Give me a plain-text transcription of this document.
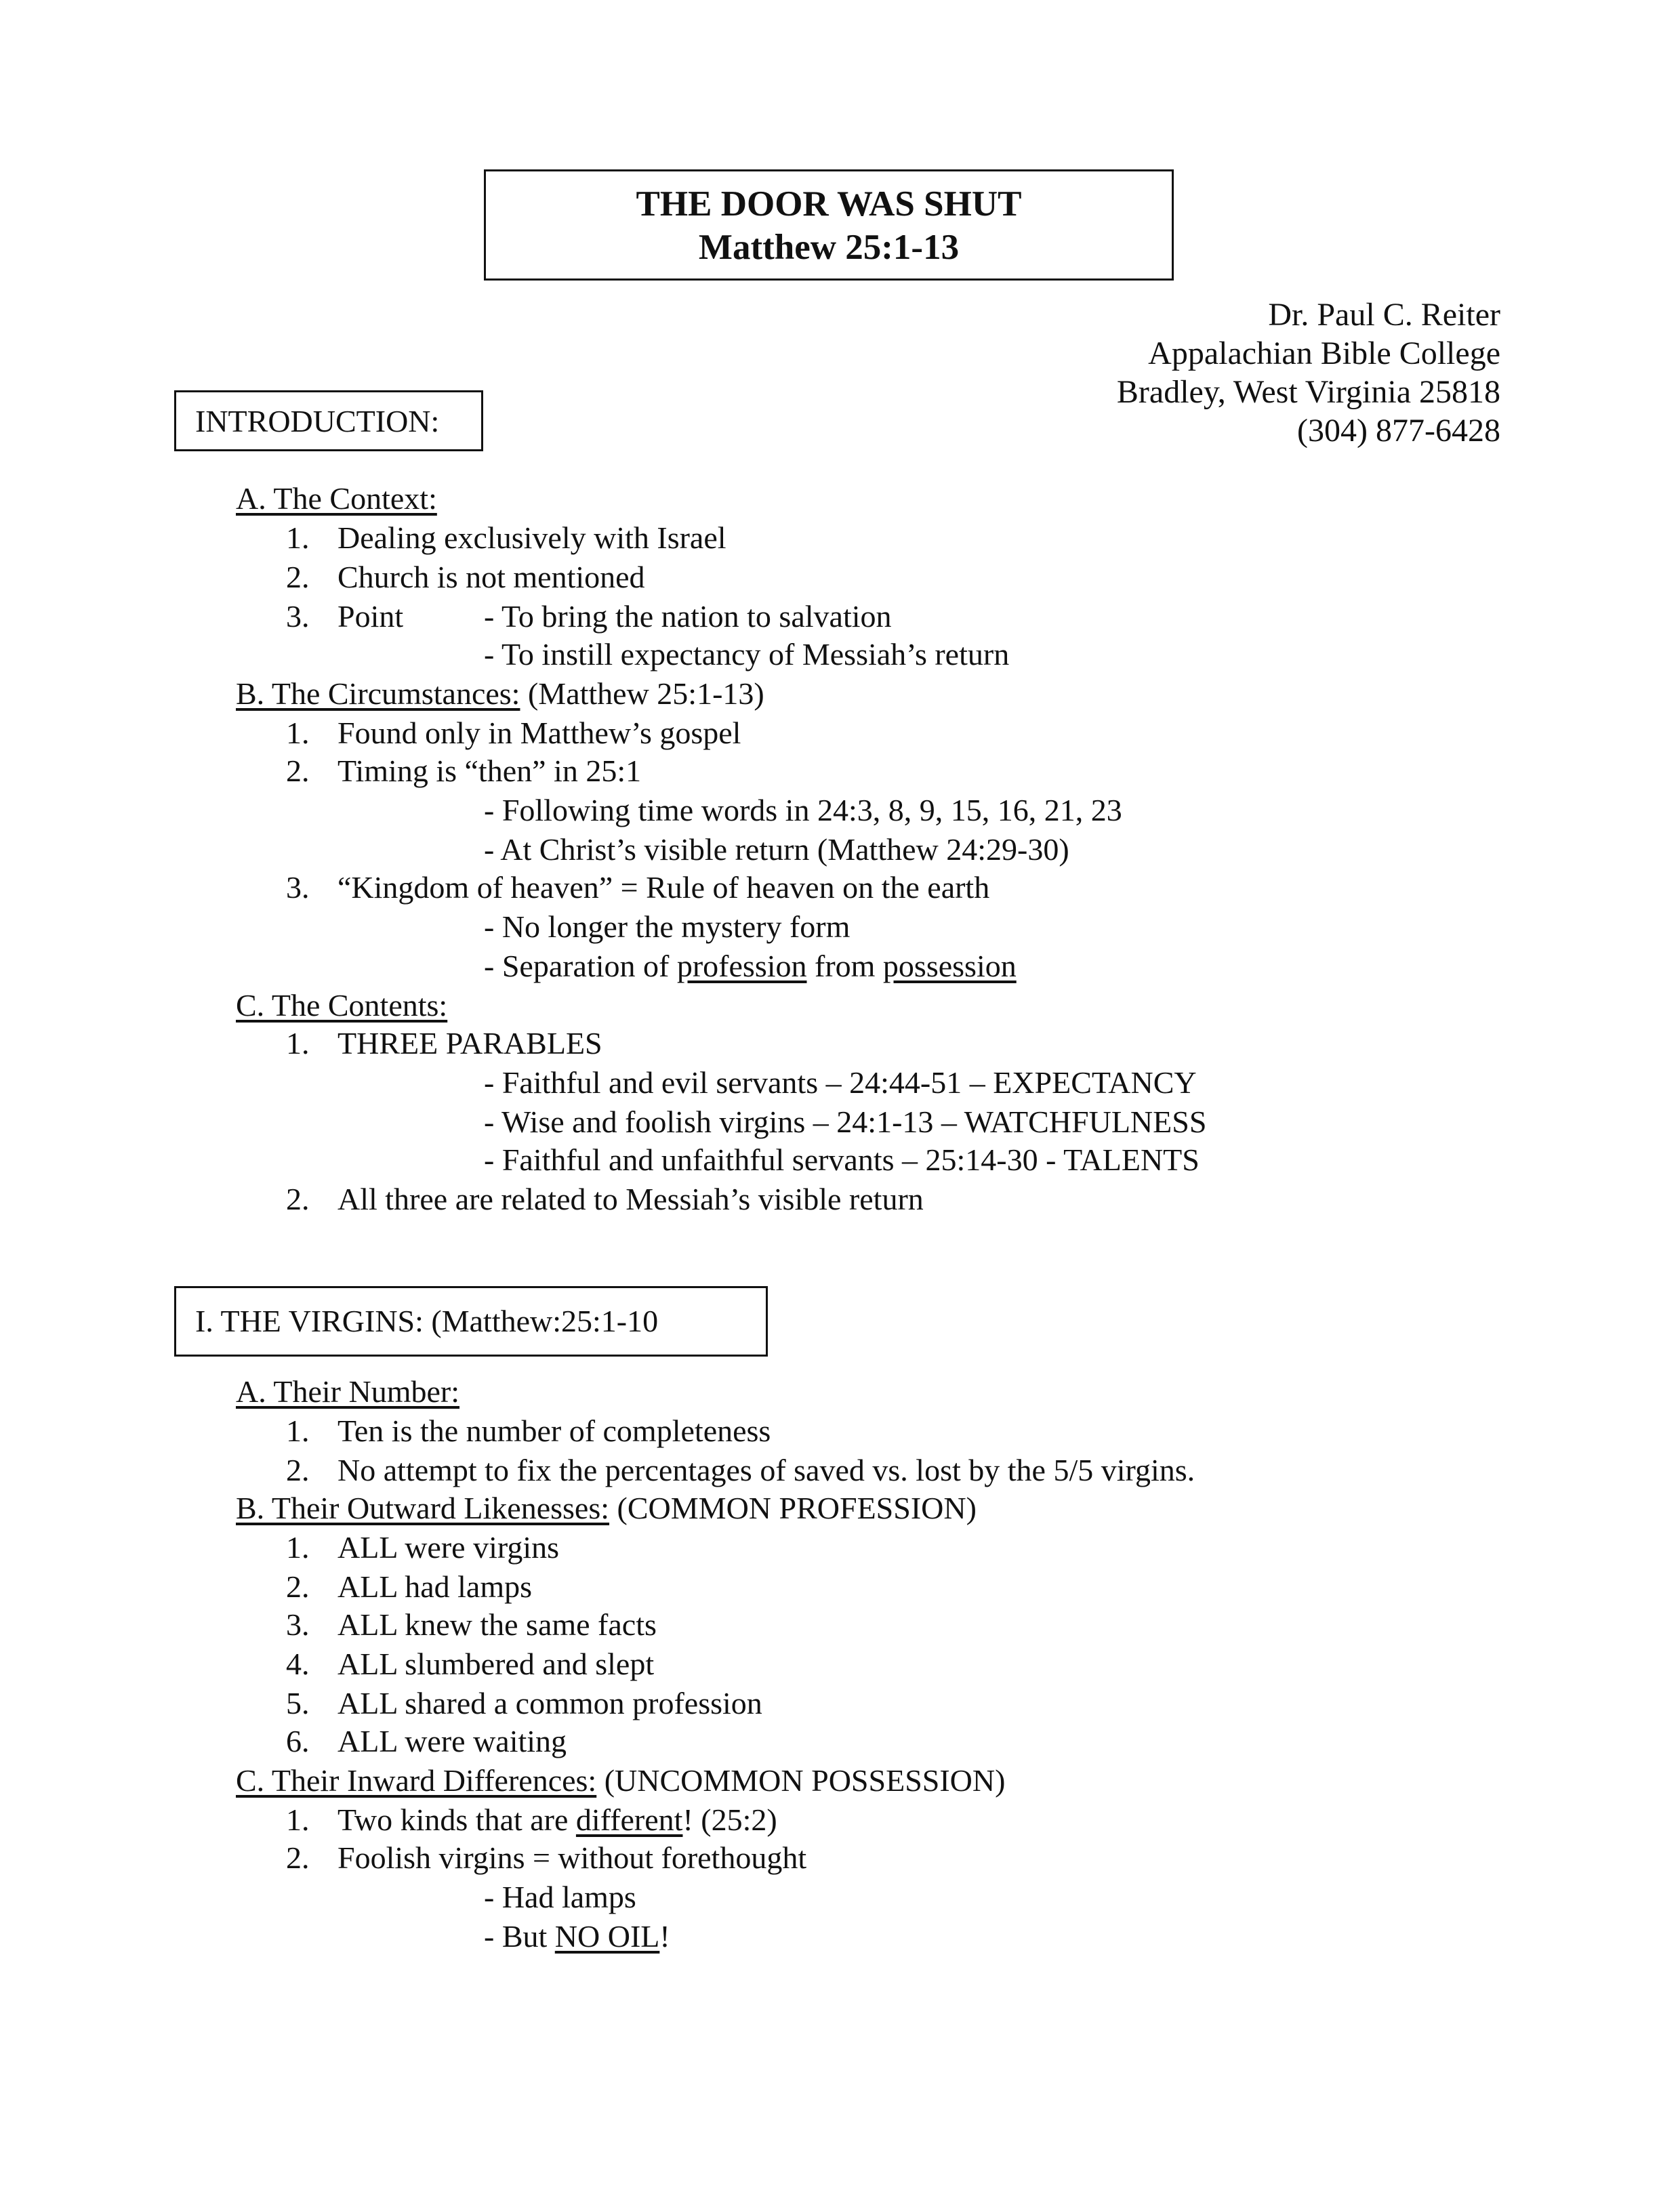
THE DOOR WAS SHUT
Matthew 25:1-13
Dr. Paul C. Reiter
Appalachian Bible College
Bradley, West Virginia 25818
(304) 877-6428
INTRODUCTION:
A. The Context:
1. Dealing exclusively with Israel
2. Church is not mentioned
3. Point	- To bring the nation to salvation
- To instill expectancy of Messiah’s return
B. The Circumstances: (Matthew 25:1-13)
1. Found only in Matthew’s gospel
2. Timing is “then” in 25:1
- Following time words in 24:3, 8, 9, 15, 16, 21, 23
- At Christ’s visible return (Matthew 24:29-30)
3. “Kingdom of heaven” = Rule of heaven on the earth
- No longer the mystery form
- Separation of profession from possession
C. The Contents:
1. THREE PARABLES
- Faithful and evil servants – 24:44-51 – EXPECTANCY
- Wise and foolish virgins – 24:1-13 – WATCHFULNESS
- Faithful and unfaithful servants – 25:14-30 - TALENTS
2. All three are related to Messiah’s visible return
I. THE VIRGINS: (Matthew:25:1-10
A. Their Number:
1. Ten is the number of completeness
2. No attempt to fix the percentages of saved vs. lost by the 5/5 virgins.
B. Their Outward Likenesses: (COMMON PROFESSION)
1. ALL were virgins
2. ALL had lamps
3. ALL knew the same facts
4. ALL slumbered and slept
5. ALL shared a common profession
6. ALL were waiting
C. Their Inward Differences: (UNCOMMON POSSESSION)
1. Two kinds that are different! (25:2)
2. Foolish virgins = without forethought
- Had lamps
- But NO OIL!
